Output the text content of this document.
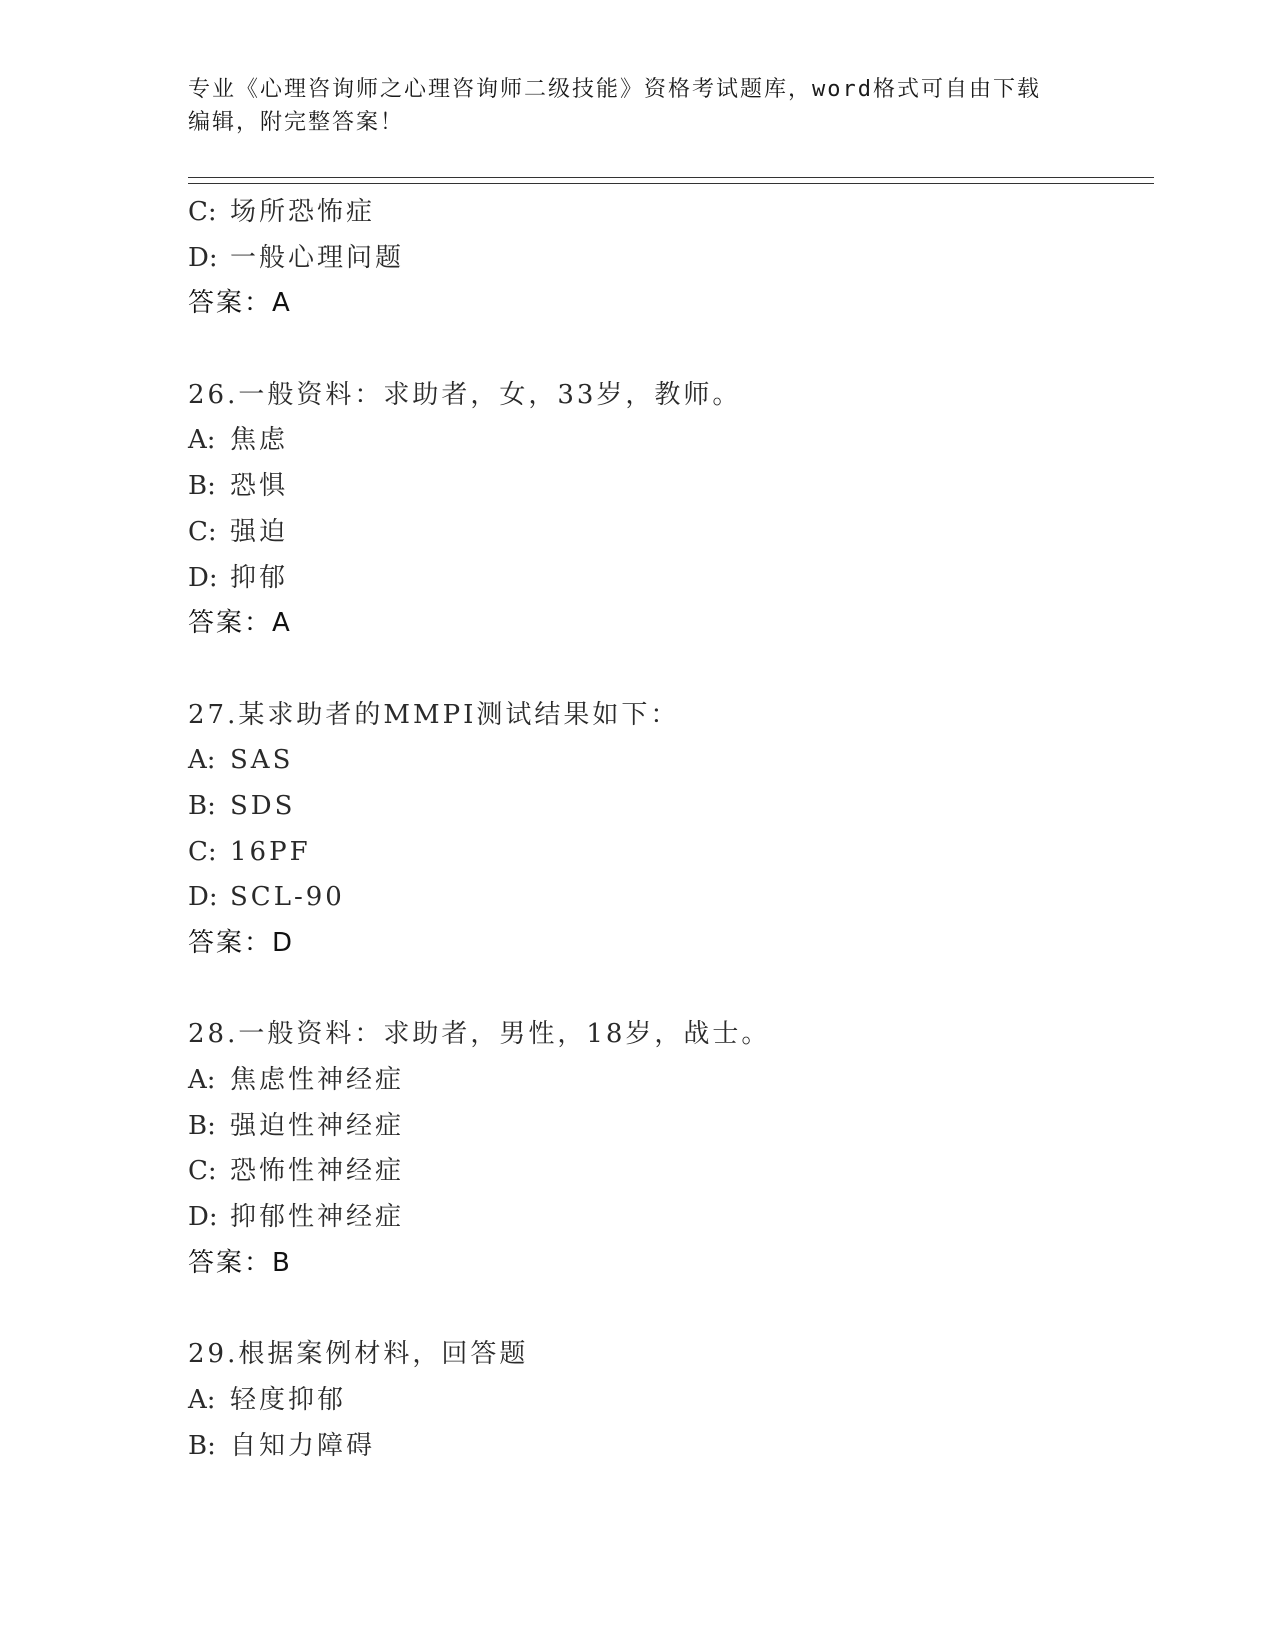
专业《心理咨询师之心理咨询师二级技能》资格考试题库，word格式可自由下载
编辑，附完整答案！
C: 场所恐怖症
D: 一般心理问题
答案：A
26.一般资料：求助者，女，33岁，教师。
A: 焦虑
B: 恐惧
C: 强迫
D: 抑郁
答案：A
27.某求助者的MMPI测试结果如下：
A: SAS
B: SDS
C: 16PF
D: SCL-90
答案：D
28.一般资料：求助者，男性，18岁，战士。
A: 焦虑性神经症
B: 强迫性神经症
C: 恐怖性神经症
D: 抑郁性神经症
答案：B
29.根据案例材料，回答题
A: 轻度抑郁
B: 自知力障碍
